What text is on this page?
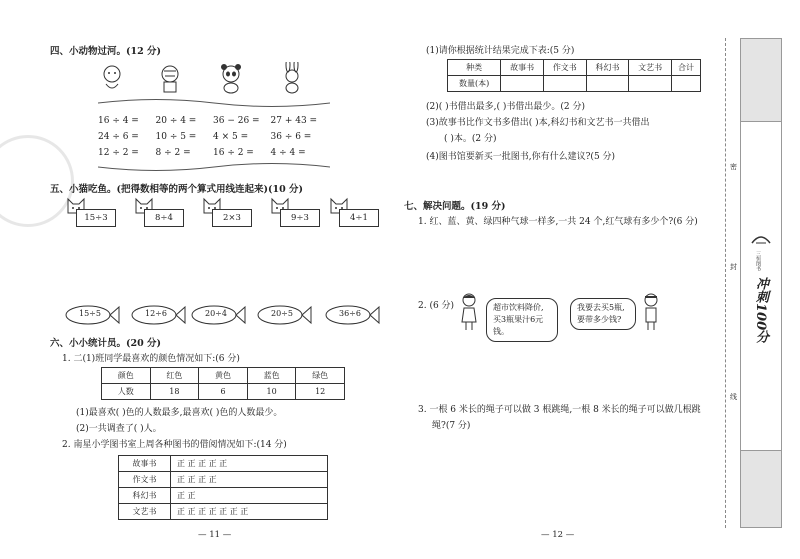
四、小动物过河。(12 分)
16 ÷ 4 =	20 ÷ 4 =	36 − 26 =	27 + 43 =
24 ÷ 6 =	10 ÷ 5 =	4 × 5 =	36 ÷ 6 =
12 ÷ 2 =	8 ÷ 2 =	16 ÷ 2 =	4 ÷ 4 =
五、小猫吃鱼。(把得数相等的两个算式用线连起来)(10 分)
15÷3	8÷4	2×3	9÷3	4÷1
15÷5	12÷6	20÷4	20÷5	36÷6
六、小小统计员。(20 分)
1. 二(1)班同学最喜欢的颜色情况如下:(6 分)
颜色	红色	黄色	蓝色	绿色
人数	18	6	10	12
(1)最喜欢( )色的人数最多,最喜欢( )色的人数最少。
(2)一共调查了( )人。
2. 南星小学图书室上周各种图书的借阅情况如下:(14 分)
故事书	正 正 正 正 正
作文书	正 正 正 正
科幻书	正 正
文艺书	正 正 正 正 正 正 正
— 11 —
(1)请你根据统计结果完成下表:(5 分)
种类	故事书	作文书	科幻书	文艺书	合计
数量(本)					
(2)( )书借出最多,( )书借出最少。(2 分)
(3)故事书比作文书多借出( )本,科幻书和文艺书一共借出
( )本。(2 分)
(4)图书馆要新买一批图书,你有什么建议?(5 分)
七、解决问题。(19 分)
1. 红、蓝、黄、绿四种气球一样多,一共 24 个,红气球有多少个?(6 分)
2. (6 分)	超市饮料降价,买3瓶果汁6元钱。
我要去买5瓶,要带多少钱?
3. 一根 6 米长的绳子可以做 3 根跳绳,一根 8 米长的绳子可以做几根跳
绳?(7 分)
— 12 —
密
封
线
三恒图书
冲刺100分
